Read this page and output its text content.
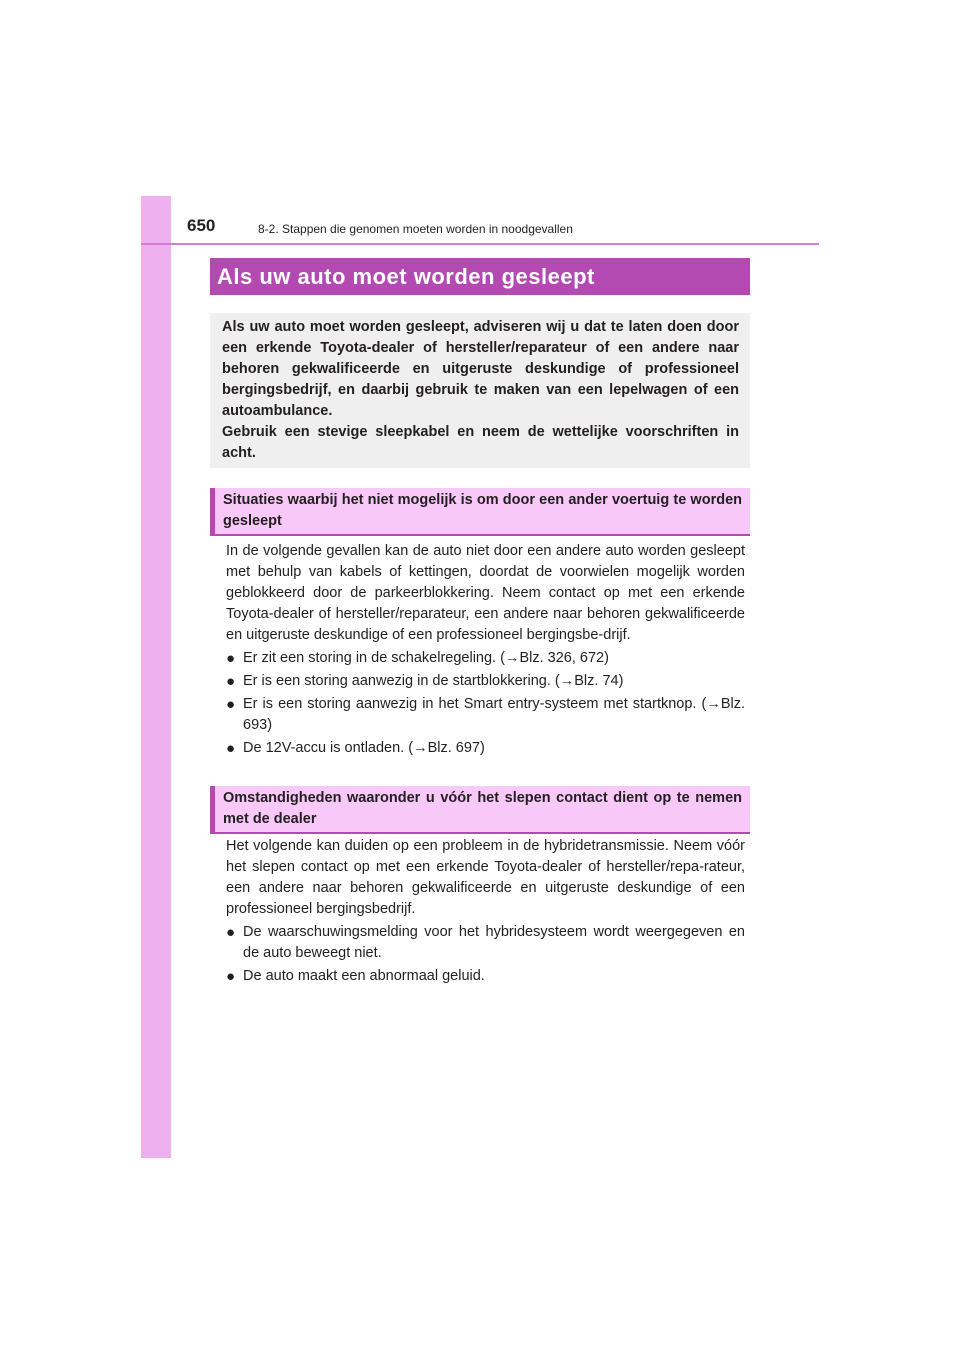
650	8-2. Stappen die genomen moeten worden in noodgevallen
Als uw auto moet worden gesleept

Als uw auto moet worden gesleept, adviseren wij u dat te laten doen door een erkende Toyota-dealer of hersteller/reparateur of een andere naar behoren gekwalificeerde en uitgeruste deskundige of professioneel bergingsbedrijf, en daarbij gebruik te maken van een lepelwagen of een autoambulance.

Gebruik een stevige sleepkabel en neem de wettelijke voorschriften in acht.

Situaties waarbij het niet mogelijk is om door een ander voertuig te worden gesleept

In de volgende gevallen kan de auto niet door een andere auto worden gesleept met behulp van kabels of kettingen, doordat de voorwielen mogelijk worden geblokkeerd door de parkeerblokkering. Neem contact op met een erkende Toyota-dealer of hersteller/reparateur, een andere naar behoren gekwalificeerde en uitgeruste deskundige of een professioneel bergingsbe-drijf.

● Er zit een storing in de schakelregeling. (→Blz. 326, 672)
● Er is een storing aanwezig in de startblokkering. (→Blz. 74)
● Er is een storing aanwezig in het Smart entry-systeem met startknop. (→Blz. 693)
● De 12V-accu is ontladen. (→Blz. 697)
Omstandigheden waaronder u vóór het slepen contact dient op te nemen met de dealer

Het volgende kan duiden op een probleem in de hybridetransmissie. Neem vóór het slepen contact op met een erkende Toyota-dealer of hersteller/repa-rateur, een andere naar behoren gekwalificeerde en uitgeruste deskundige of een professioneel bergingsbedrijf.

● De waarschuwingsmelding voor het hybridesysteem wordt weergegeven en de auto beweegt niet.
● De auto maakt een abnormaal geluid.
